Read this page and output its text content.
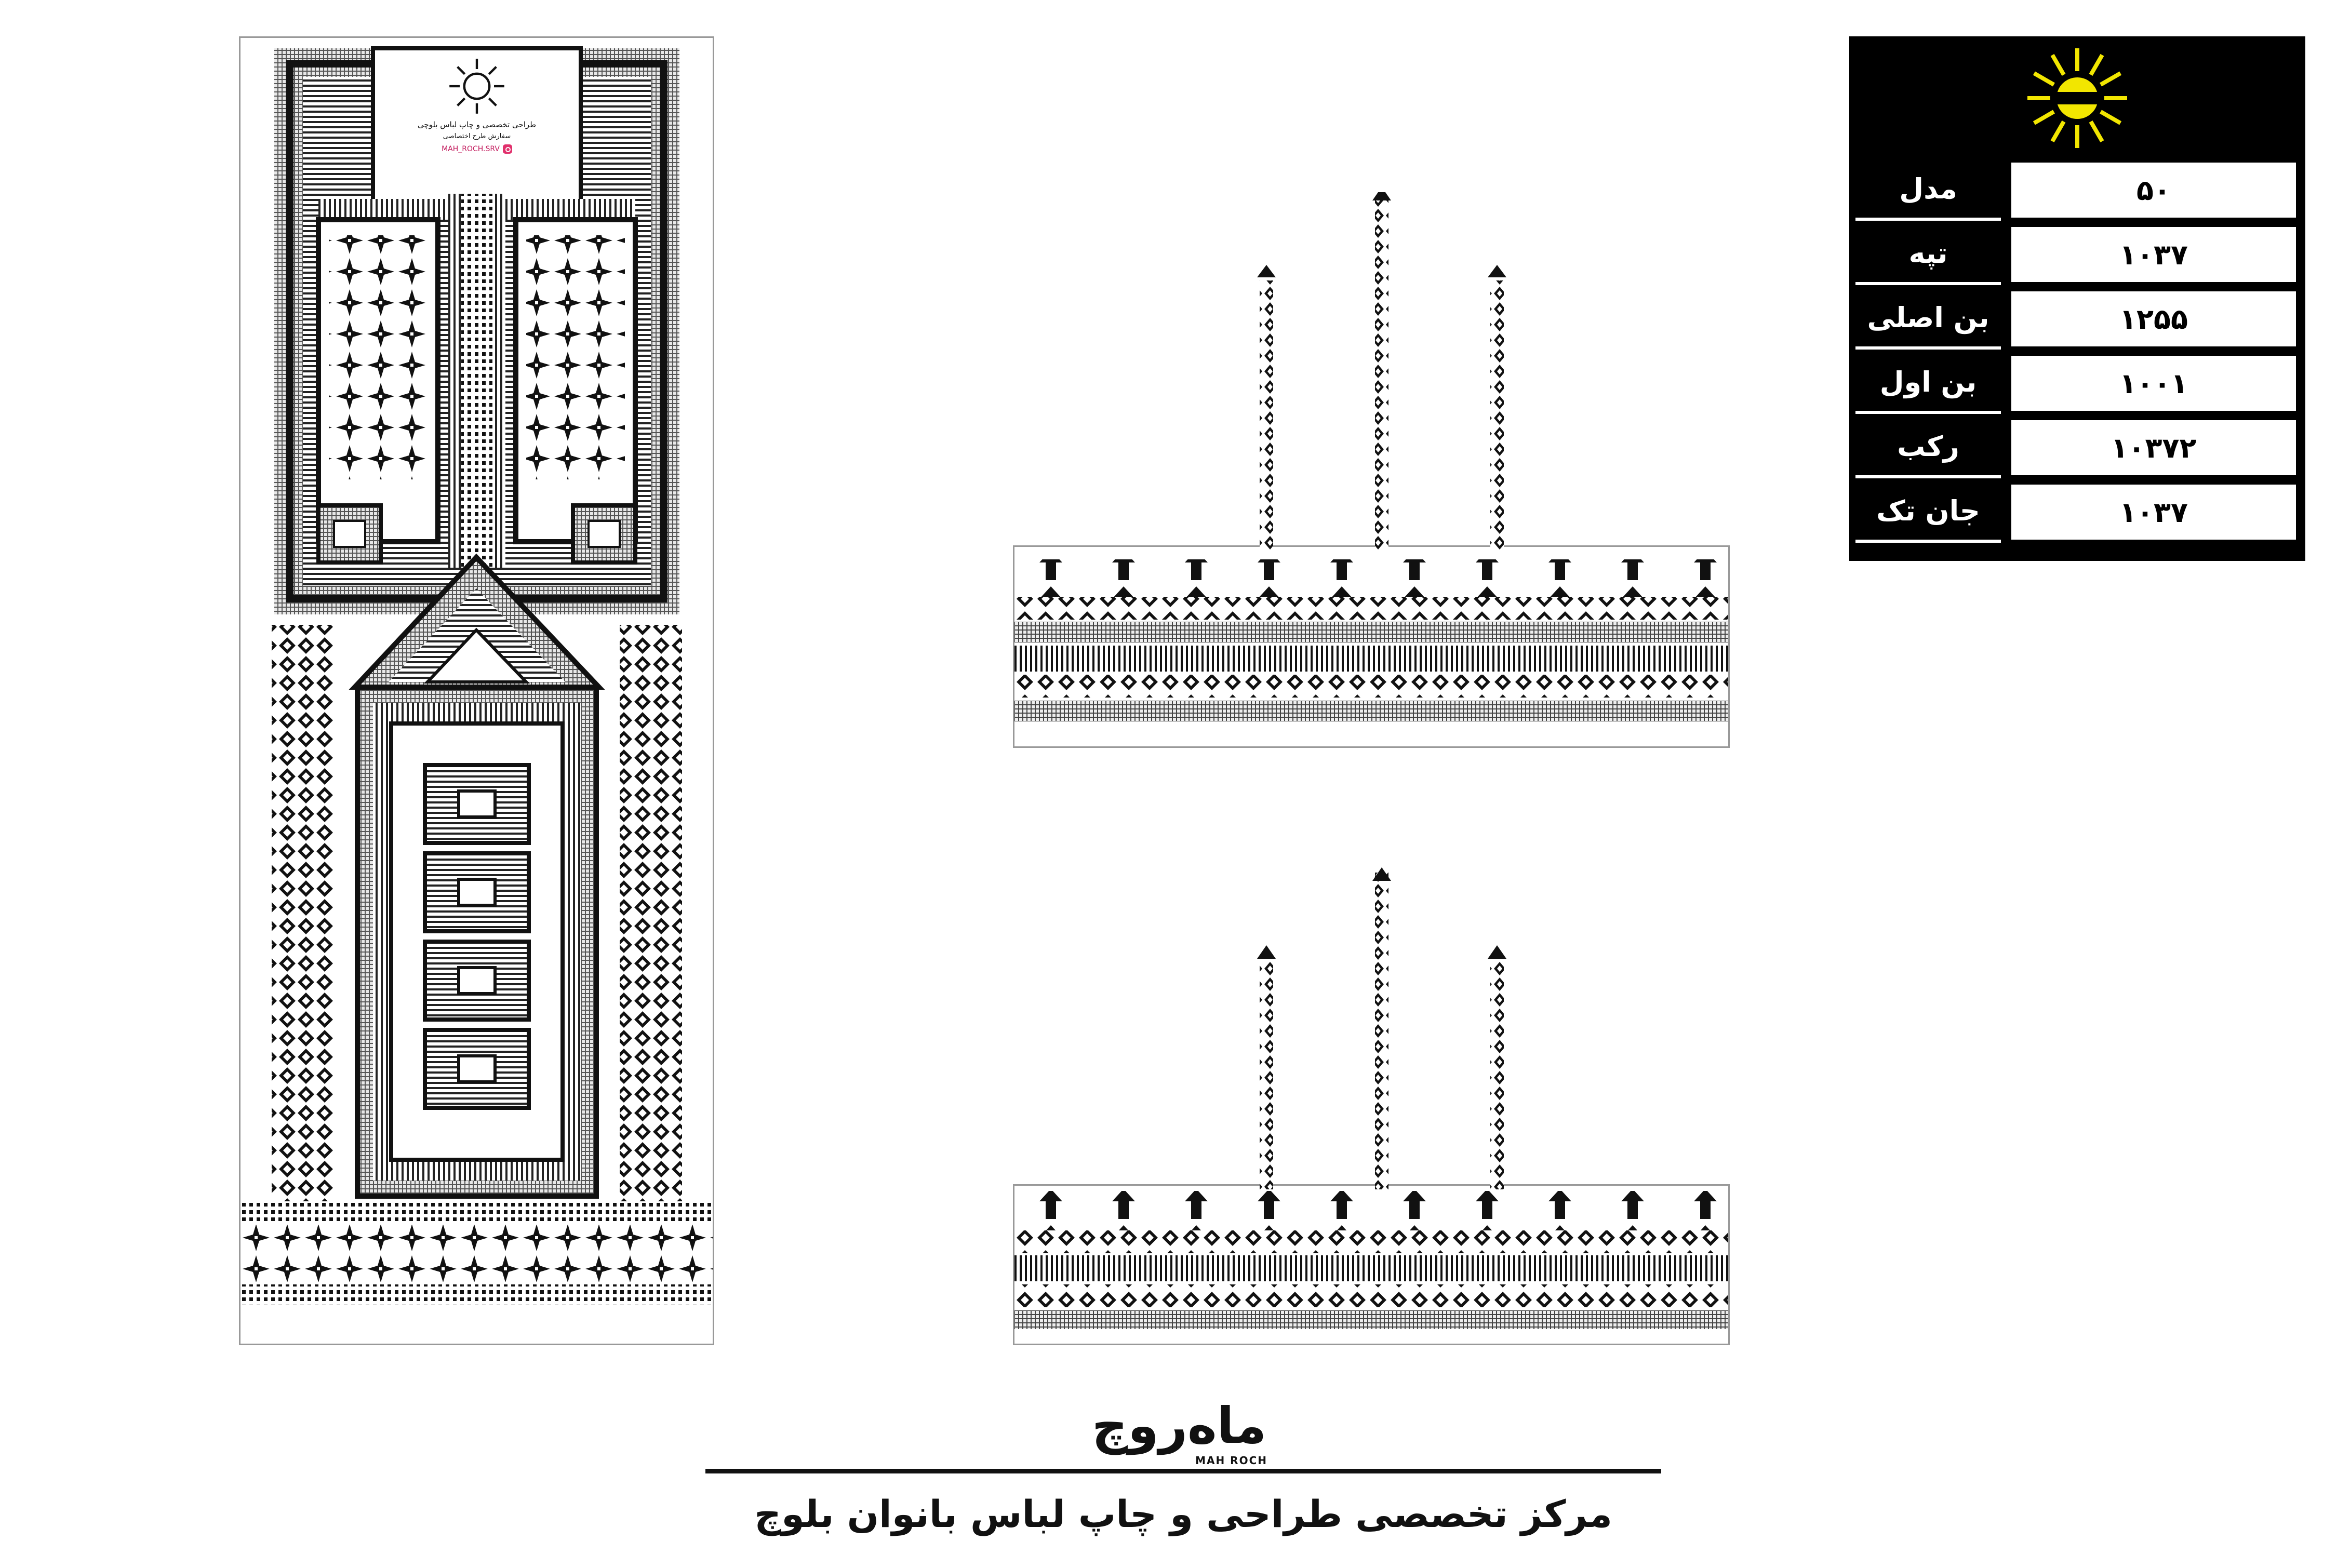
طراحی تخصصی و چاپ لباس بلوچی
سفارش طرح اختصاصی
MAH_ROCH.SRV
مدل	۵۰
تپه	۱۰۳۷
بن اصلی	۱۲۵۵
بن اول	۱۰۰۱
رکب	۱۰۳۷۲
جان تک	۱۰۳۷
ماه‌روچ
MAH ROCH
مرکز تخصصی طراحی و چاپ لباس بانوان بلوچ
